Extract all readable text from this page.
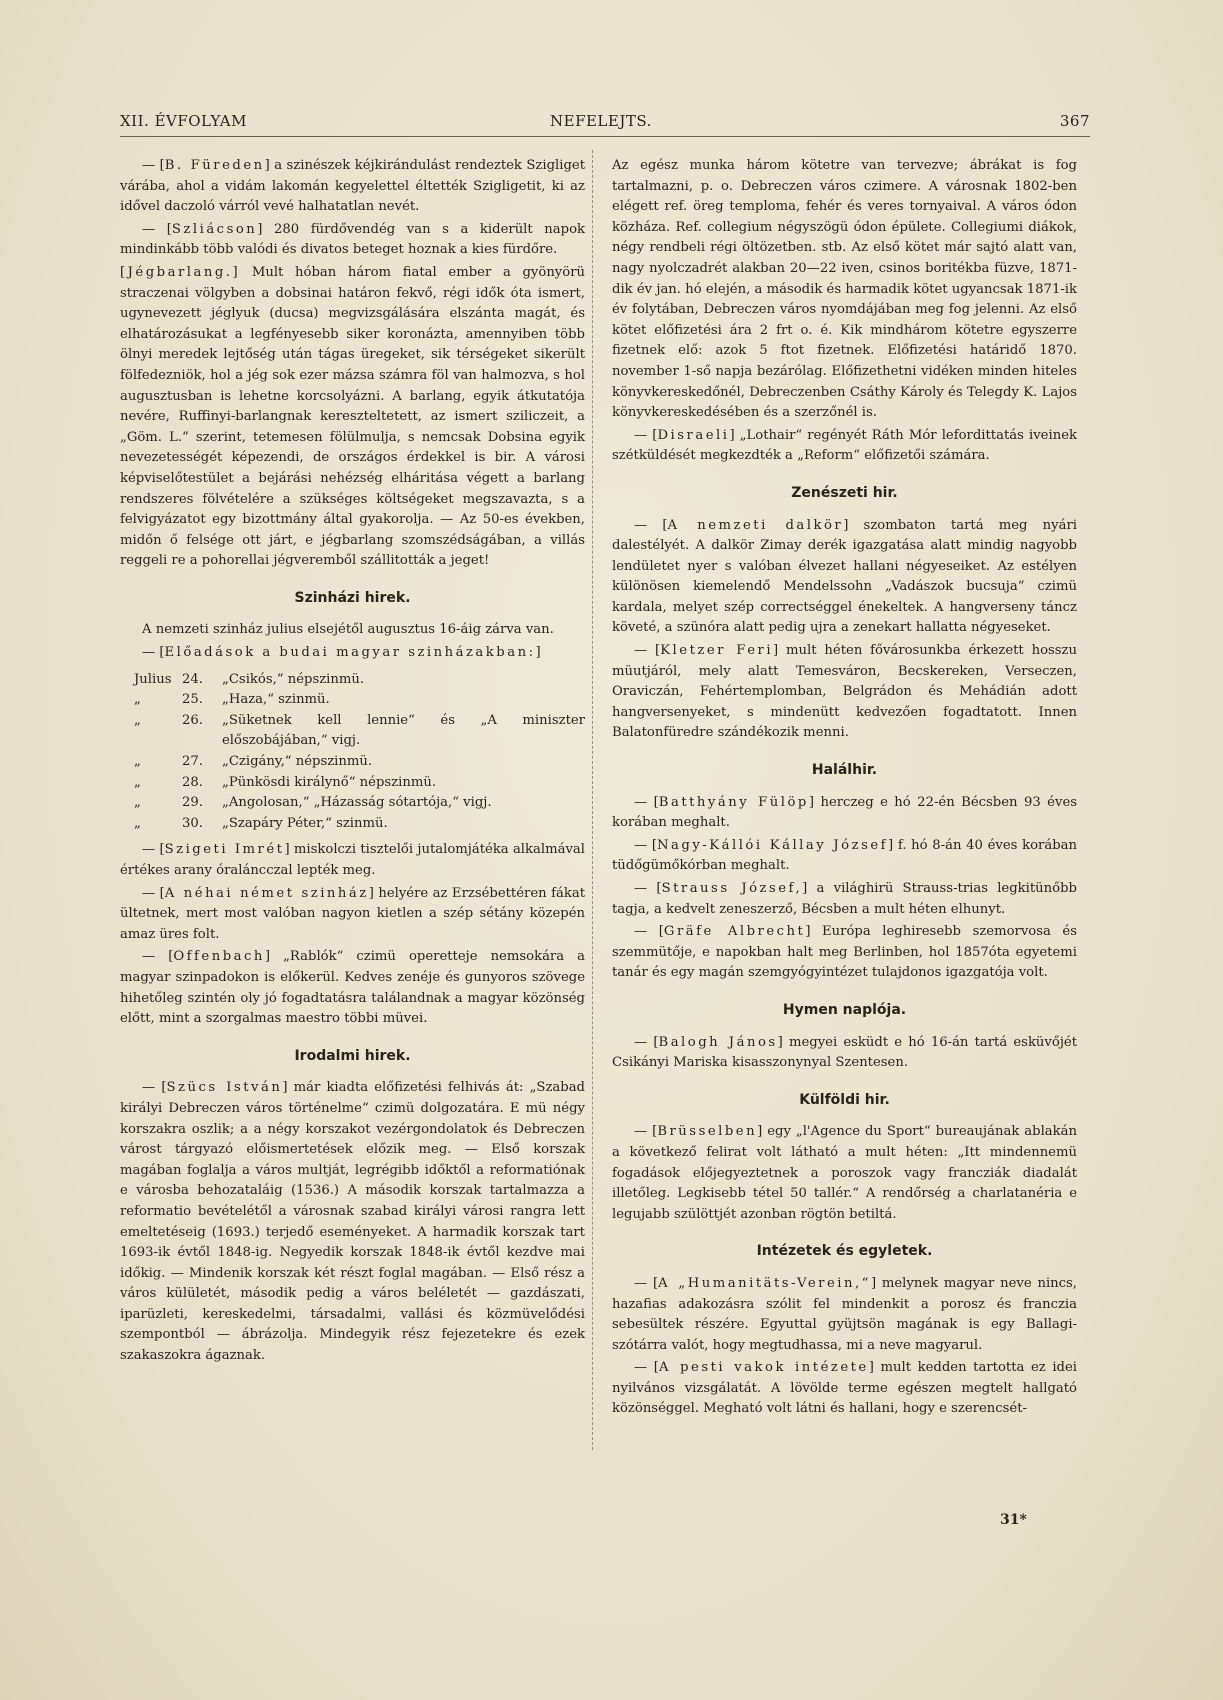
XII. ÉVFOLYAM	NEFELEJTS.	367

— [B. Füreden] a szinészek kéjkirándulást rendeztek Szigliget várába, ahol a vidám lakomán kegyelettel éltették Szigligetit, ki az idővel daczoló várról vevé halhatatlan nevét.

— [Szliácson] 280 fürdővendég van s a kiderült napok mindinkább több valódi és divatos beteget hoznak a kies fürdőre.

[Jégbarlang.] Mult hóban három fiatal ember a gyönyörü straczenai völgyben a dobsinai határon fekvő, régi idők óta ismert, ugynevezett jéglyuk (ducsa) megvizsgálására elszánta magát, és elhatározásukat a legfényesebb siker koronázta, amennyiben több ölnyi meredek lejtőség után tágas üregeket, sik térségeket sikerült fölfedezniök, hol a jég sok ezer mázsa számra föl van halmozva, s hol augusztusban is lehetne korcsolyázni. A barlang, egyik átkutatója nevére, Ruffinyi-barlangnak kereszteltetett, az ismert sziliczeit, a „Göm. L.“ szerint, tetemesen fölülmulja, s nemcsak Dobsina egyik nevezetességét képezendi, de országos érdekkel is bir. A városi képviselőtestület a bejárási nehézség elháritása végett a barlang rendszeres fölvételére a szükséges költségeket megszavazta, s a felvigyázatot egy bizottmány által gyakorolja. — Az 50-es években, midőn ő felsége ott járt, e jégbarlang szomszédságában, a villás reggeli re a pohorellai jégveremből szállitották a jeget!

Szinházi hirek.

A nemzeti szinház julius elsejétől augusztus 16-áig zárva van.

— [Előadások a budai magyar szinházakban:]

Julius 24.	„Csikós,“ népszinmü.
„	25.	„Haza,“ szinmü.
„	26.	„Süketnek kell lennie“ és „A miniszter előszobájában,“ vigj.
„	27.	„Czigány,“ népszinmü.
„	28.	„Pünkösdi királynő“ népszinmü.
„	29.	„Angolosan,“ „Házasság sótartója,“ vigj.
„	30.	„Szapáry Péter,“ szinmü.

— [Szigeti Imrét] miskolczi tisztelői jutalomjátéka alkalmával értékes arany óraláncczal lepték meg.

— [A néhai német szinház] helyére az Erzsébettéren fákat ültetnek, mert most valóban nagyon kietlen a szép sétány közepén amaz üres folt.

— [Offenbach] „Rablók“ czimü operetteje nemsokára a magyar szinpadokon is előkerül. Kedves zenéje és gunyoros szövege hihetőleg szintén oly jó fogadtatásra találandnak a magyar közönség előtt, mint a szorgalmas maestro többi müvei.

Irodalmi hirek.

— [Szücs István] már kiadta előfizetési felhivás át: „Szabad királyi Debreczen város történelme“ czimü dolgozatára. E mü négy korszakra oszlik; a a négy korszakot vezérgondolatok és Debreczen várost tárgyazó előismertetések előzik meg. — Első korszak magában foglalja a város multját, legrégibb időktől a reformatiónak e városba behozataláig (1536.) A második korszak tartalmazza a reformatio bevételétől a városnak szabad királyi városi rangra lett emeltetéseig (1693.) terjedő eseményeket. A harmadik korszak tart 1693-ik évtől 1848-ig. Negyedik korszak 1848-ik évtől kezdve mai időkig. — Mindenik korszak két részt foglal magában. — Első rész a város külületét, második pedig a város beléletét — gazdászati, iparüzleti, kereskedelmi, társadalmi, vallási és közmüvelődési szempontból — ábrázolja. Mindegyik rész fejezetekre és ezek szakaszokra ágaznak.

Az egész munka három kötetre van tervezve; ábrákat is fog tartalmazni, p. o. Debreczen város czimere. A városnak 1802-ben elégett ref. öreg temploma, fehér és veres tornyaival. A város ódon közháza. Ref. collegium négyszögü ódon épülete. Collegiumi diákok, négy rendbeli régi öltözetben. stb. Az első kötet már sajtó alatt van, nagy nyolczadrét alakban 20—22 iven, csinos boritékba füzve, 1871-dik év jan. hó elején, a második és harmadik kötet ugyancsak 1871-ik év folytában, Debreczen város nyomdájában meg fog jelenni. Az első kötet előfizetési ára 2 frt o. é. Kik mindhárom kötetre egyszerre fizetnek elő: azok 5 ftot fizetnek. Előfizetési határidő 1870. november 1-ső napja bezárólag. Előfizethetni vidéken minden hiteles könyvkereskedőnél, Debreczenben Csáthy Károly és Telegdy K. Lajos könyvkereskedésében és a szerzőnél is.

— [Disraeli] „Lothair“ regényét Ráth Mór lefordittatás iveinek szétküldését megkezdték a „Reform“ előfizetői számára.

Zenészeti hir.

— [A nemzeti dalkör] szombaton tartá meg nyári dalestélyét. A dalkör Zimay derék igazgatása alatt mindig nagyobb lendületet nyer s valóban élvezet hallani négyeseiket. Az estélyen különösen kiemelendő Mendelssohn „Vadászok bucsuja“ czimü kardala, melyet szép correctséggel énekeltek. A hangverseny táncz követé, a szünóra alatt pedig ujra a zenekart hallatta négyeseket.

— [Kletzer Feri] mult héten fővárosunkba érkezett hosszu müutjáról, mely alatt Temesváron, Becskereken, Verseczen, Oraviczán, Fehértemplomban, Belgrádon és Mehádián adott hangversenyeket, s mindenütt kedvezően fogadtatott. Innen Balatonfüredre szándékozik menni.

Halálhir.

— [Batthyány Fülöp] herczeg e hó 22-én Bécsben 93 éves korában meghalt.

— [Nagy-Kállói Kállay József] f. hó 8-án 40 éves korában tüdőgümőkórban meghalt.

— [Strauss József,] a világhirü Strauss-trias legkitünőbb tagja, a kedvelt zeneszerző, Bécsben a mult héten elhunyt.

— [Gräfe Albrecht] Európa leghiresebb szemorvosa és szemmütője, e napokban halt meg Berlinben, hol 1857óta egyetemi tanár és egy magán szemgyógyintézet tulajdonos igazgatója volt.

Hymen naplója.

— [Balogh János] megyei esküdt e hó 16-án tartá esküvőjét Csikányi Mariska kisasszonynyal Szentesen.

Külföldi hir.

— [Brüsselben] egy „l'Agence du Sport“ bureaujának ablakán a következő felirat volt látható a mult héten: „Itt mindennemü fogadások előjegyeztetnek a poroszok vagy francziák diadalát illetőleg. Legkisebb tétel 50 tallér.“ A rendőrség a charlatanéria e legujabb szülöttjét azonban rögtön betiltá.

Intézetek és egyletek.

— [A „Humanitäts-Verein,“] melynek magyar neve nincs, hazafias adakozásra szólit fel mindenkit a porosz és franczia sebesültek részére. Egyuttal gyüjtsön magának is egy Ballagi-szótárra valót, hogy megtudhassa, mi a neve magyarul.

— [A pesti vakok intézete] mult kedden tartotta ez idei nyilvános vizsgálatát. A lövölde terme egészen megtelt hallgató közönséggel. Megható volt látni és hallani, hogy e szerencsét-

31*
